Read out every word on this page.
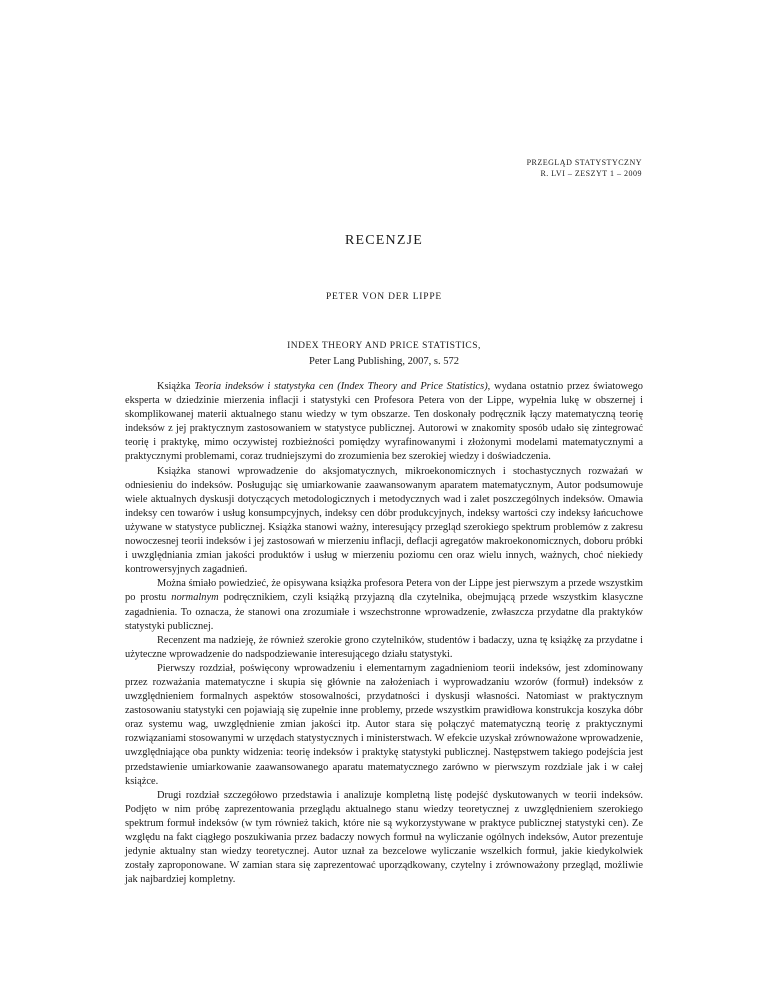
PRZEGLĄD STATYSTYCZNY
R. LVI – ZESZYT 1 – 2009
RECENZJE
PETER VON DER LIPPE
INDEX THEORY AND PRICE STATISTICS,
Peter Lang Publishing, 2007, s. 572

Książka Teoria indeksów i statystyka cen (Index Theory and Price Statistics), wydana ostatnio przez światowego eksperta w dziedzinie mierzenia inflacji i statystyki cen Profesora Petera von der Lippe, wypełnia lukę w obszernej i skomplikowanej materii aktualnego stanu wiedzy w tym obszarze. Ten doskonały podręcznik łączy matematyczną teorię indeksów z jej praktycznym zastosowaniem w statystyce publicznej. Autorowi w znakomity sposób udało się zintegrować teorię i praktykę, mimo oczywistej rozbieżności pomiędzy wyrafinowanymi i złożonymi modelami matematycznymi a praktycznymi problemami, coraz trudniejszymi do zrozumienia bez szerokiej wiedzy i doświadczenia.

Książka stanowi wprowadzenie do aksjomatycznych, mikroekonomicznych i stochastycznych rozważań w odniesieniu do indeksów. Posługując się umiarkowanie zaawansowanym aparatem matematycznym, Autor podsumowuje wiele aktualnych dyskusji dotyczących metodologicznych i metodycznych wad i zalet poszczególnych indeksów. Omawia indeksy cen towarów i usług konsumpcyjnych, indeksy cen dóbr produkcyjnych, indeksy wartości czy indeksy łańcuchowe używane w statystyce publicznej. Książka stanowi ważny, interesujący przegląd szerokiego spektrum problemów z zakresu nowoczesnej teorii indeksów i jej zastosowań w mierzeniu inflacji, deflacji agregatów makroekonomicznych, doboru próbki i uwzględniania zmian jakości produktów i usług w mierzeniu poziomu cen oraz wielu innych, ważnych, choć niekiedy kontrowersyjnych zagadnień.

Można śmiało powiedzieć, że opisywana książka profesora Petera von der Lippe jest pierwszym a przede wszystkim po prostu normalnym podręcznikiem, czyli książką przyjazną dla czytelnika, obejmującą przede wszystkim klasyczne zagadnienia. To oznacza, że stanowi ona zrozumiałe i wszechstronne wprowadzenie, zwłaszcza przydatne dla praktyków statystyki publicznej.

Recenzent ma nadzieję, że również szerokie grono czytelników, studentów i badaczy, uzna tę książkę za przydatne i użyteczne wprowadzenie do nadspodziewanie interesującego działu statystyki.

Pierwszy rozdział, poświęcony wprowadzeniu i elementarnym zagadnieniom teorii indeksów, jest zdominowany przez rozważania matematyczne i skupia się głównie na założeniach i wyprowadzaniu wzorów (formuł) indeksów z uwzględnieniem formalnych aspektów stosowalności, przydatności i dyskusji własności. Natomiast w praktycznym zastosowaniu statystyki cen pojawiają się zupełnie inne problemy, przede wszystkim prawidłowa konstrukcja koszyka dóbr oraz systemu wag, uwzględnienie zmian jakości itp. Autor stara się połączyć matematyczną teorię z praktycznymi rozwiązaniami stosowanymi w urzędach statystycznych i ministerstwach. W efekcie uzyskał zrównoważone wprowadzenie, uwzględniające oba punkty widzenia: teorię indeksów i praktykę statystyki publicznej. Następstwem takiego podejścia jest przedstawienie umiarkowanie zaawansowanego aparatu matematycznego zarówno w pierwszym rozdziale jak i w całej książce.

Drugi rozdział szczegółowo przedstawia i analizuje kompletną listę podejść dyskutowanych w teorii indeksów. Podjęto w nim próbę zaprezentowania przeglądu aktualnego stanu wiedzy teoretycznej z uwzględnieniem szerokiego spektrum formuł indeksów (w tym również takich, które nie są wykorzystywane w praktyce publicznej statystyki cen). Ze względu na fakt ciągłego poszukiwania przez badaczy nowych formuł na wyliczanie ogólnych indeksów, Autor prezentuje jedynie aktualny stan wiedzy teoretycznej. Autor uznał za bezcelowe wyliczanie wszelkich formuł, jakie kiedykolwiek zostały zaproponowane. W zamian stara się zaprezentować uporządkowany, czytelny i zrównoważony przegląd, możliwie jak najbardziej kompletny.
